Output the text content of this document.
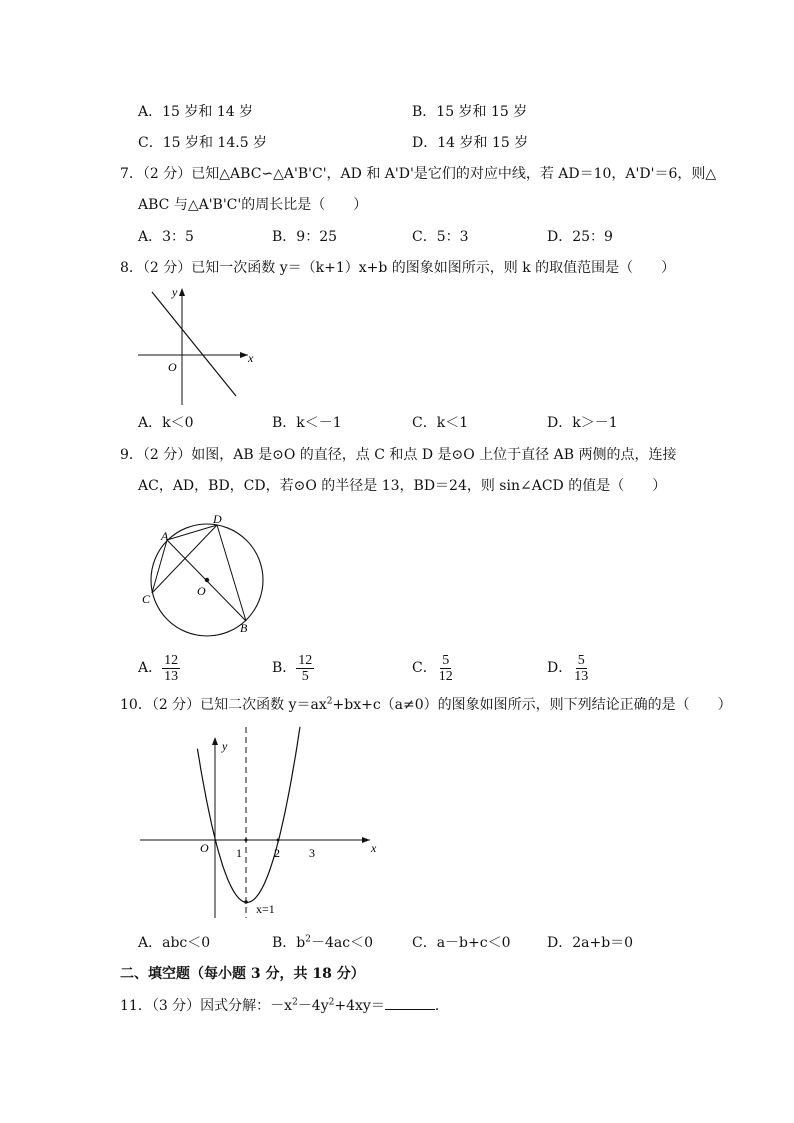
A．15 岁和 14 岁	B．15 岁和 15 岁
C．15 岁和 14.5 岁	D．14 岁和 15 岁
7．（2 分）已知△ABC∽△A'B'C'，AD 和 A'D'是它们的对应中线，若 AD＝10，A'D'＝6，则△
ABC 与△A'B'C'的周长比是（　　）
A．3：5	B．9：25	C．5：3	D．25：9
8．（2 分）已知一次函数 y＝（k+1）x+b 的图象如图所示，则 k 的取值范围是（　　）
x
y
O
A．k＜0	B．k＜－1	C．k＜1	D．k＞－1
9．（2 分）如图，AB 是⊙O 的直径，点 C 和点 D 是⊙O 上位于直径 AB 两侧的点，连接
AC，AD，BD，CD，若⊙O 的半径是 13，BD＝24，则 sin∠ACD 的值是（　　）
A
D
C
B
O
A． $\frac{12}{13}$	B． $\frac{12}{5}$	C． $\frac{5}{12}$	D． $\frac{5}{13}$
10．（2 分）已知二次函数 $y=ax^2+bx+c(a\ne 0)$的图象如图所示，则下列结论正确的是（　　）
x
y
O 1	2 3
x=1
A．abc＜0	B．$b^2-4ac<0$	C．a－b+c＜0	D．2a+b＝0
二、填空题（每小题 3 分，共 18 分）
11．（3 分）因式分解：$-x^2-4y^2+4xy=$	．
